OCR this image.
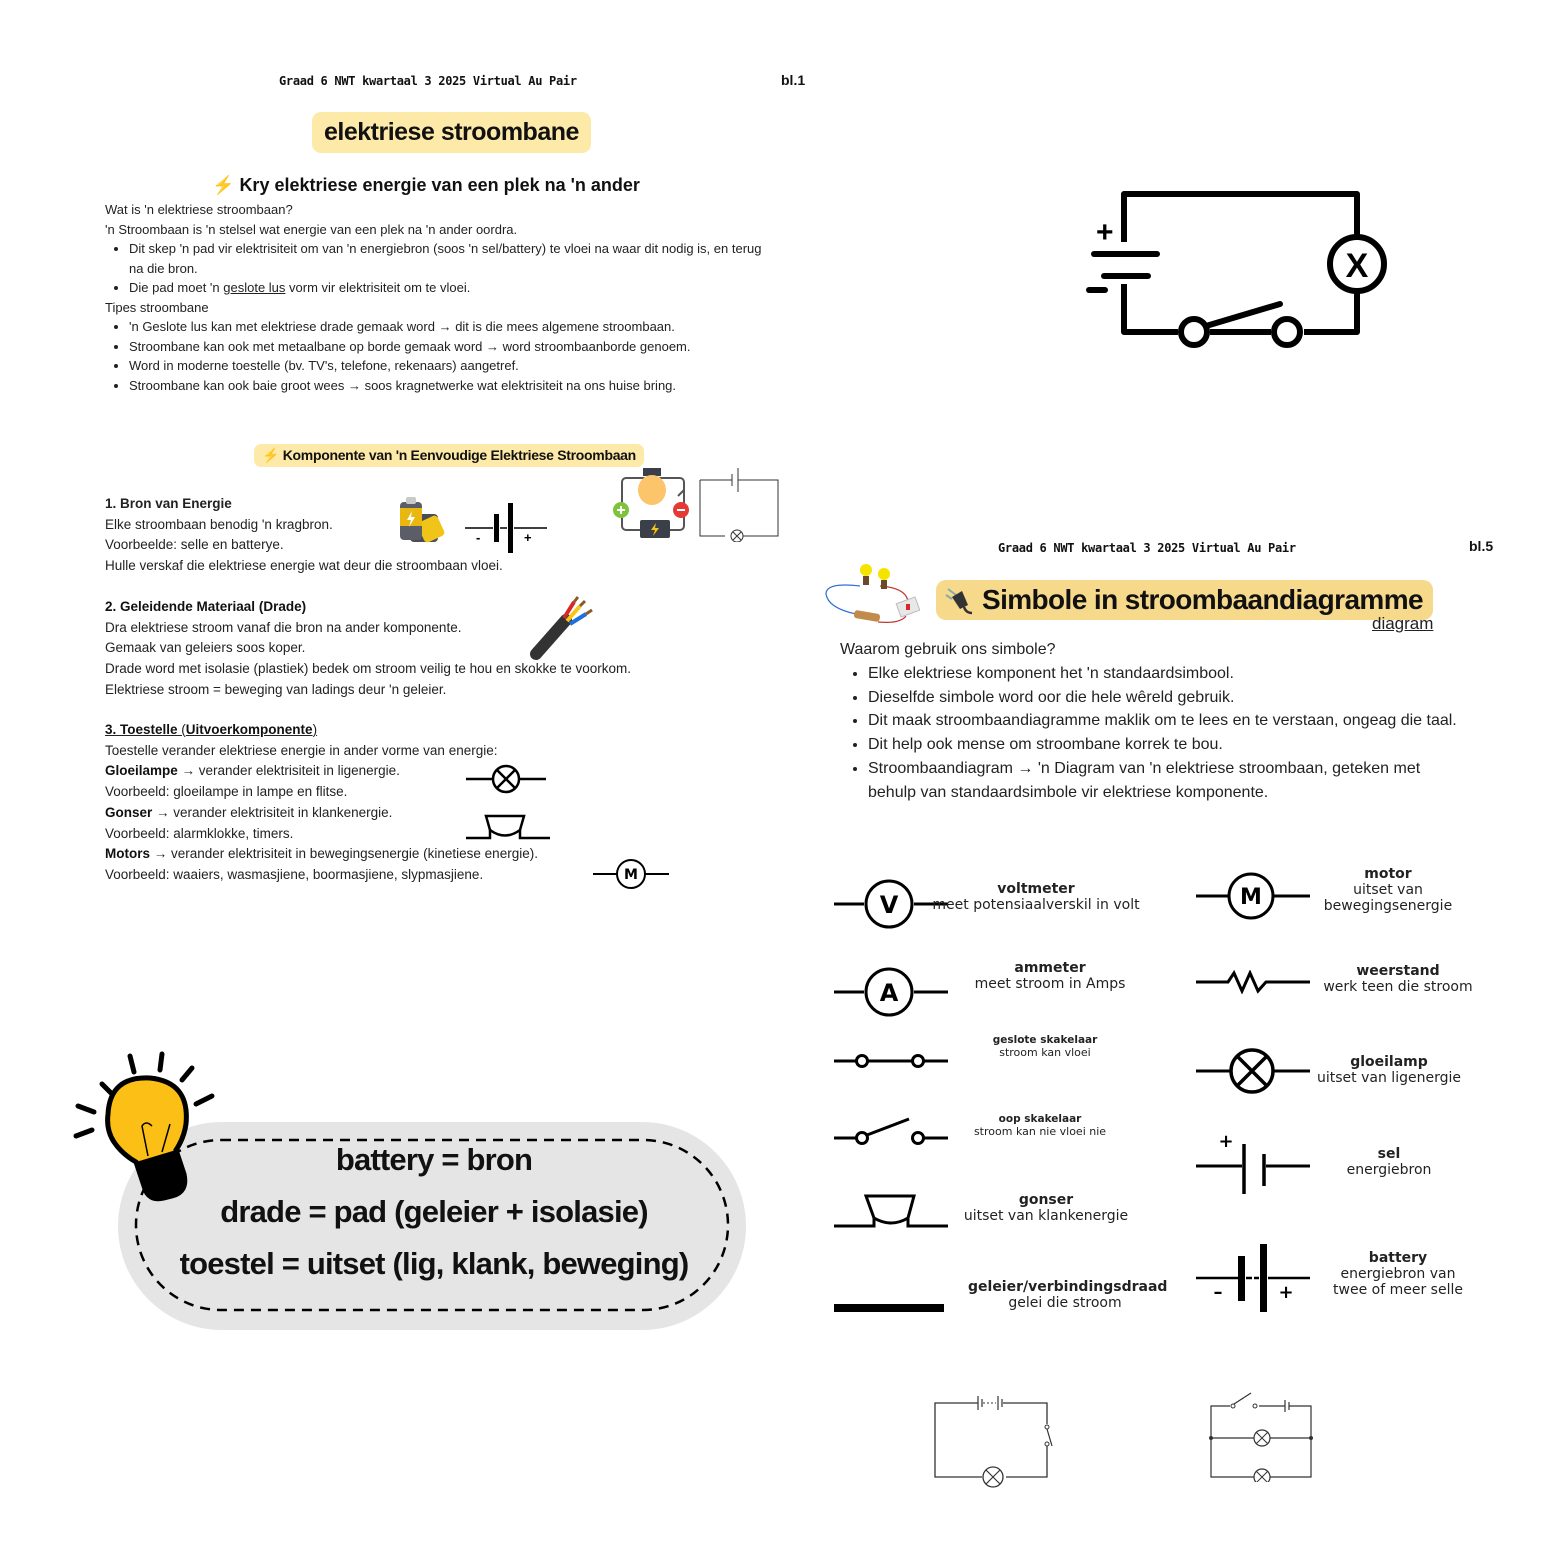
Graad 6 NWT kwartaal 3 2025 Virtual Au Pair	bl.1
elektriese stroombane
⚡ Kry elektriese energie van een plek na 'n ander
Wat is 'n elektriese stroombaan?
'n Stroombaan is 'n stelsel wat energie van een plek na 'n ander oordra.
• Dit skep 'n pad vir elektrisiteit om van 'n energiebron (soos 'n sel/battery) te vloei na waar dit nodig is, en terug na die bron.
• Die pad moet 'n geslote lus vorm vir elektrisiteit om te vloei.
Tipes stroombane
• 'n Geslote lus kan met elektriese drade gemaak word → dit is die mees algemene stroombaan.
• Stroombane kan ook met metaalbane op borde gemaak word → word stroombaanborde genoem.
• Word in moderne toestelle (bv. TV's, telefone, rekenaars) aangetref.
• Stroombane kan ook baie groot wees → soos kragnetwerke wat elektrisiteit na ons huise bring.
⚡ Komponente van 'n Eenvoudige Elektriese Stroombaan
1. Bron van Energie
Elke stroombaan benodig 'n kragbron.
Voorbeelde: selle en batterye.
Hulle verskaf die elektriese energie wat deur die stroombaan vloei.
-	+
2. Geleidende Materiaal (Drade)
Dra elektriese stroom vanaf die bron na ander komponente.
Gemaak van geleiers soos koper.
Drade word met isolasie (plastiek) bedek om stroom veilig te hou en skokke te voorkom.
Elektriese stroom = beweging van ladings deur 'n geleier.
3. Toestelle (Uitvoerkomponente)
Toestelle verander elektriese energie in ander vorme van energie:
Gloeilampe → verander elektrisiteit in ligenergie.
Voorbeeld: gloeilampe in lampe en flitse.
Gonser → verander elektrisiteit in klankenergie.
Voorbeeld: alarmklokke, timers.
Motors → verander elektrisiteit in bewegingsenergie (kinetiese energie).
Voorbeeld: waaiers, wasmasjiene, boormasjiene, slypmasjiene.	M
battery = bron
drade = pad (geleier + isolasie)
toestel = uitset (lig, klank, beweging)
+
X
Graad 6 NWT kwartaal 3 2025 Virtual Au Pair	bl.5
Simbole in stroombaandiagramme
diagram
Waarom gebruik ons simbole?
• Elke elektriese komponent het 'n standaardsimbool.
• Dieselfde simbole word oor die hele wêreld gebruik.
• Dit maak stroombaandiagramme maklik om te lees en te verstaan, ongeag die taal.
• Dit help ook mense om stroombane korrek te bou.
• Stroombaandiagram → 'n Diagram van 'n elektriese stroombaan, geteken met behulp van standaardsimbole vir elektriese komponente.
V
voltmeter
meet potensiaalverskil in volt
A
ammeter
meet stroom in Amps
geslote skakelaar
stroom kan vloei
oop skakelaar
stroom kan nie vloei nie
gonser
uitset van klankenergie
geleier/verbindingsdraad
gelei die stroom
M
motor
uitset van bewegingsenergie
weerstand
werk teen die stroom
gloeilamp
uitset van ligenergie
+
sel
energiebron
–	+
battery
energiebron van twee of meer selle
